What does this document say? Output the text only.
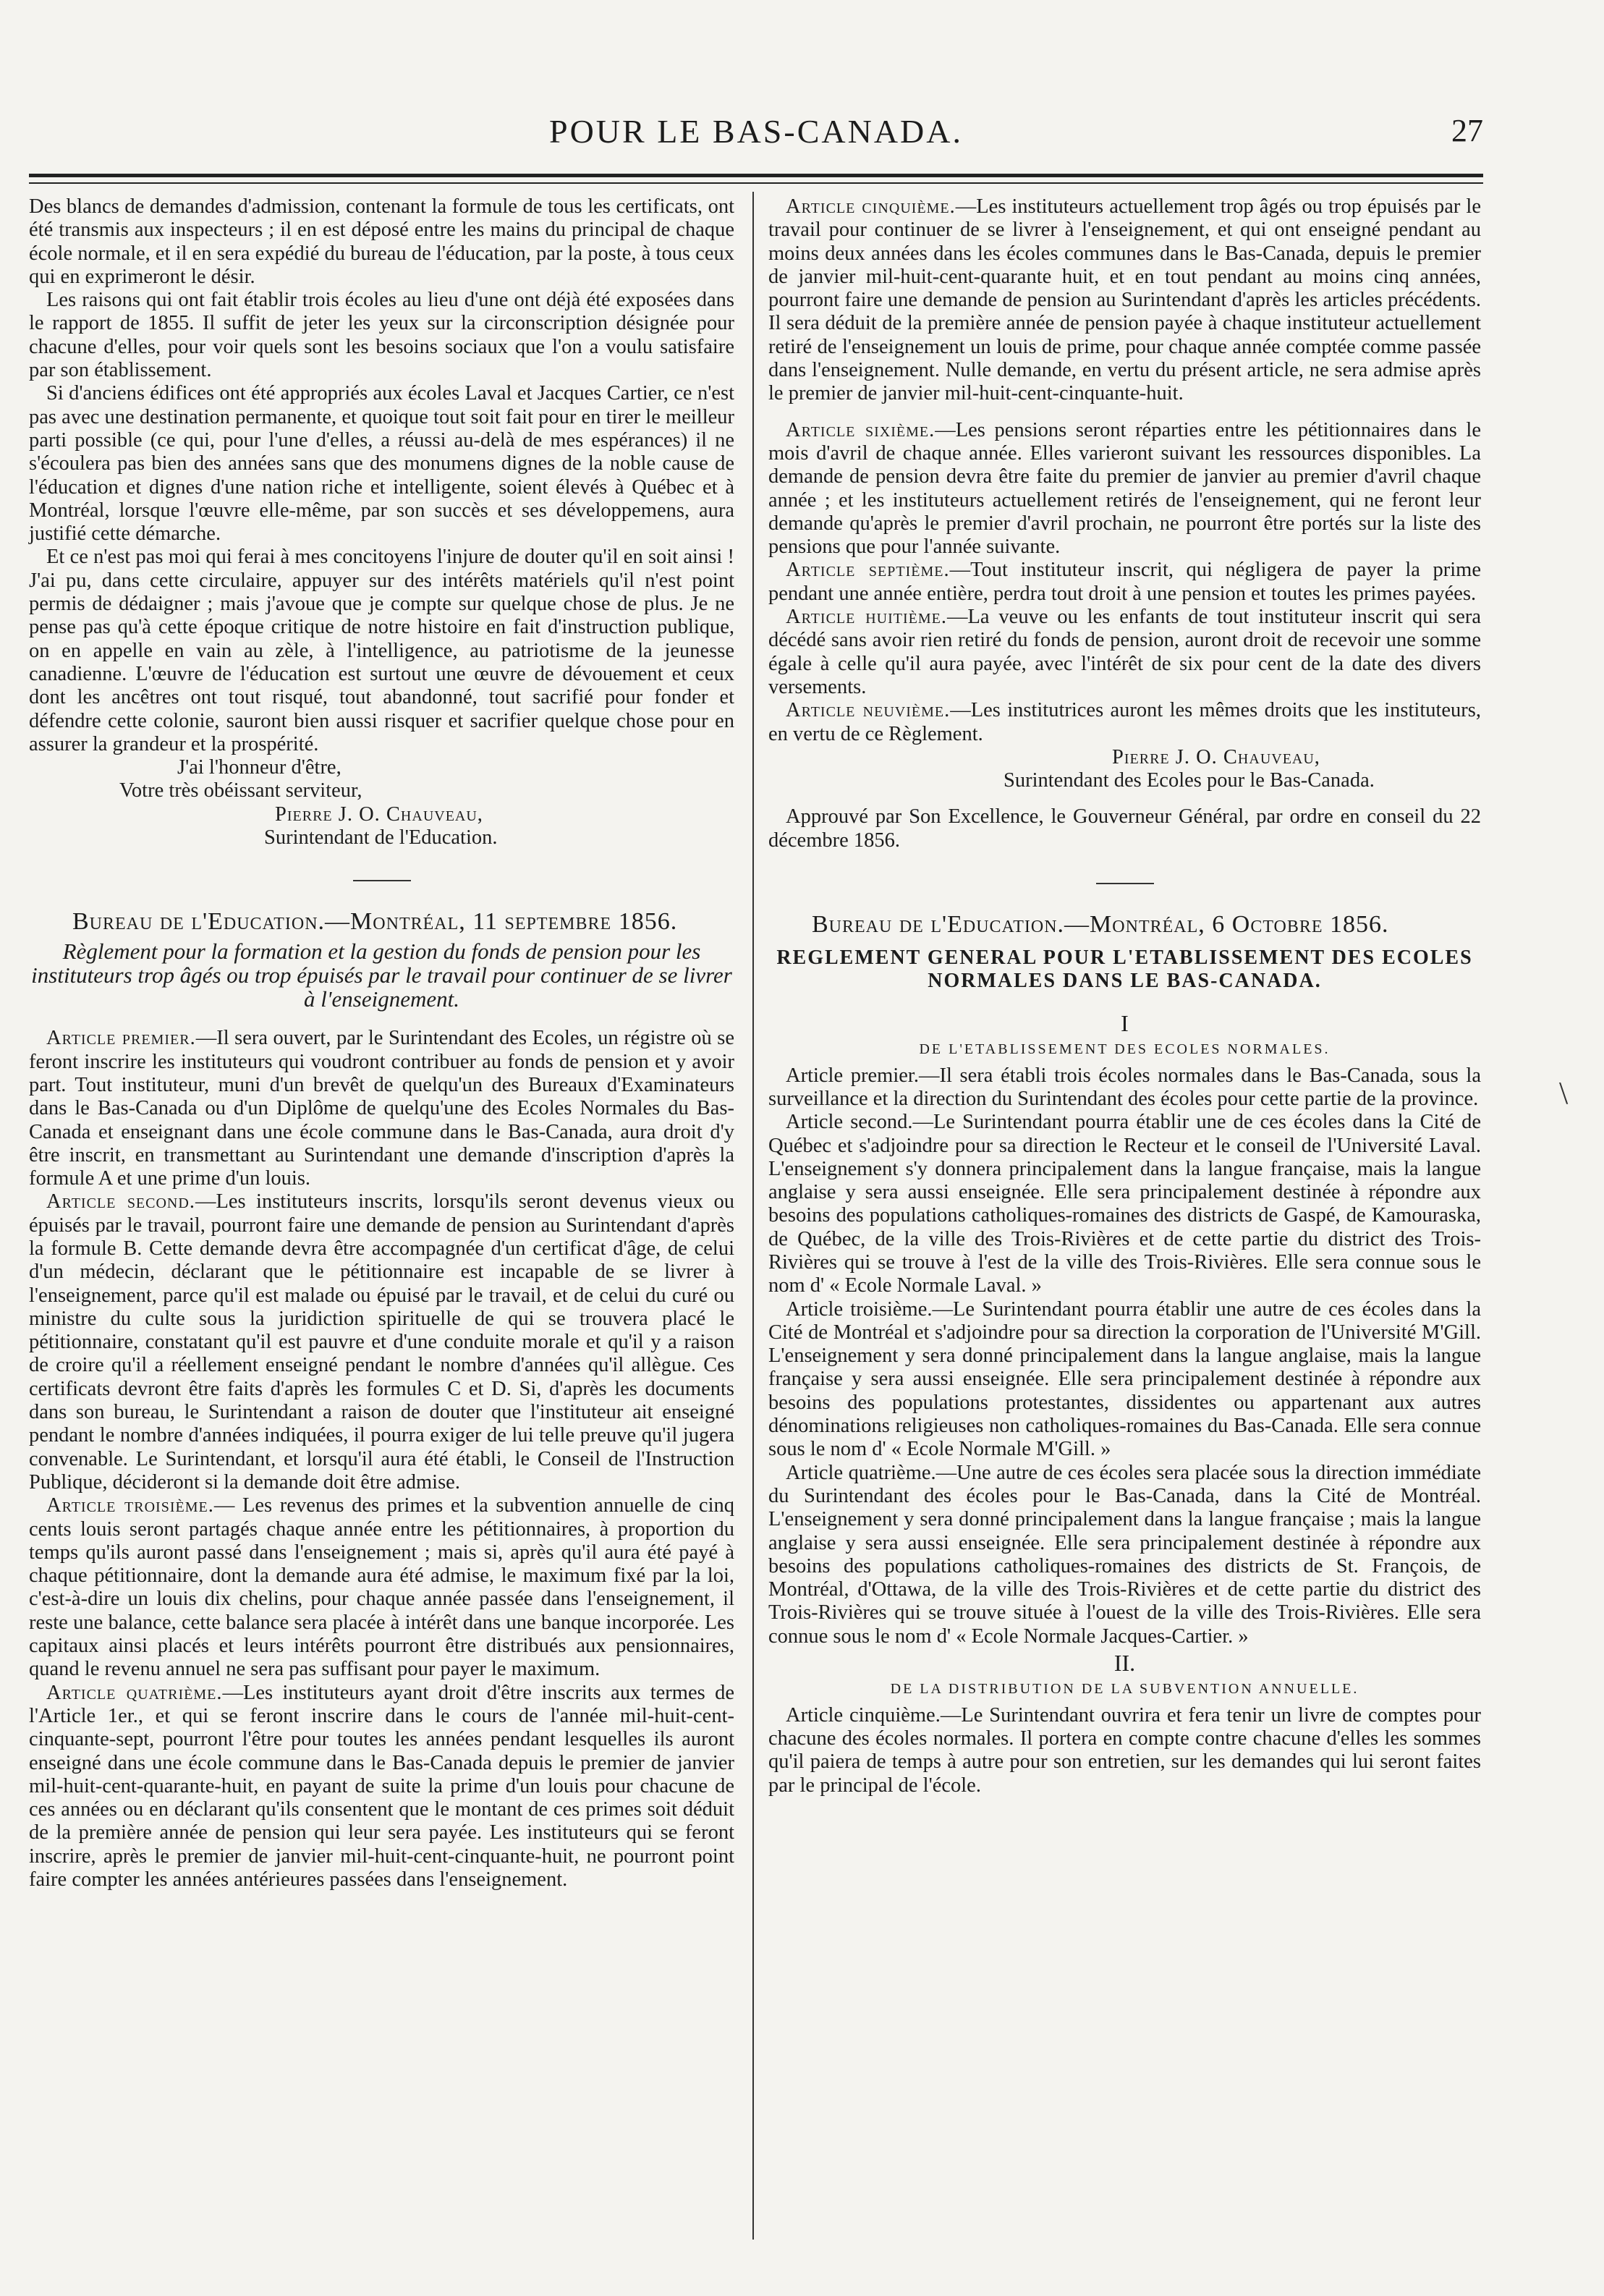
POUR LE BAS-CANADA.	27

Des blancs de demandes d'admission, contenant la formule de tous les certificats, ont été transmis aux inspecteurs ; il en est déposé entre les mains du principal de chaque école normale, et il en sera expédié du bureau de l'éducation, par la poste, à tous ceux qui en exprimeront le désir.

Les raisons qui ont fait établir trois écoles au lieu d'une ont déjà été exposées dans le rapport de 1855. Il suffit de jeter les yeux sur la circonscription désignée pour chacune d'elles, pour voir quels sont les besoins sociaux que l'on a voulu satisfaire par son établissement.

Si d'anciens édifices ont été appropriés aux écoles Laval et Jacques Cartier, ce n'est pas avec une destination permanente, et quoique tout soit fait pour en tirer le meilleur parti possible (ce qui, pour l'une d'elles, a réussi au-delà de mes espérances) il ne s'écoulera pas bien des années sans que des monumens dignes de la noble cause de l'éducation et dignes d'une nation riche et intelligente, soient élevés à Québec et à Montréal, lorsque l'œuvre elle-même, par son succès et ses développemens, aura justifié cette démarche.

Et ce n'est pas moi qui ferai à mes concitoyens l'injure de douter qu'il en soit ainsi ! J'ai pu, dans cette circulaire, appuyer sur des intérêts matériels qu'il n'est point permis de dédaigner ; mais j'avoue que je compte sur quelque chose de plus. Je ne pense pas qu'à cette époque critique de notre histoire en fait d'instruction publique, on en appelle en vain au zèle, à l'intelligence, au patriotisme de la jeunesse canadienne. L'œuvre de l'éducation est surtout une œuvre de dévouement et ceux dont les ancêtres ont tout risqué, tout abandonné, tout sacrifié pour fonder et défendre cette colonie, sauront bien aussi risquer et sacrifier quelque chose pour en assurer la grandeur et la prospérité.

J'ai l'honneur d'être,
Votre très obéissant serviteur,
Pierre J. O. Chauveau,
Surintendant de l'Education.

Bureau de l'Education.—Montréal, 11 septembre 1856.

Règlement pour la formation et la gestion du fonds de pension pour les instituteurs trop âgés ou trop épuisés par le travail pour continuer de se livrer à l'enseignement.

Article premier.—Il sera ouvert, par le Surintendant des Ecoles, un régistre où se feront inscrire les instituteurs qui voudront contribuer au fonds de pension et y avoir part. Tout instituteur, muni d'un brevêt de quelqu'un des Bureaux d'Examinateurs dans le Bas-Canada ou d'un Diplôme de quelqu'une des Ecoles Normales du Bas-Canada et enseignant dans une école commune dans le Bas-Canada, aura droit d'y être inscrit, en transmettant au Surintendant une demande d'inscription d'après la formule A et une prime d'un louis.

Article second.—Les instituteurs inscrits, lorsqu'ils seront devenus vieux ou épuisés par le travail, pourront faire une demande de pension au Surintendant d'après la formule B. Cette demande devra être accompagnée d'un certificat d'âge, de celui d'un médecin, déclarant que le pétitionnaire est incapable de se livrer à l'enseignement, parce qu'il est malade ou épuisé par le travail, et de celui du curé ou ministre du culte sous la juridiction spirituelle de qui se trouvera placé le pétitionnaire, constatant qu'il est pauvre et d'une conduite morale et qu'il y a raison de croire qu'il a réellement enseigné pendant le nombre d'années qu'il allègue. Ces certificats devront être faits d'après les formules C et D. Si, d'après les documents dans son bureau, le Surintendant a raison de douter que l'instituteur ait enseigné pendant le nombre d'années indiquées, il pourra exiger de lui telle preuve qu'il jugera convenable. Le Surintendant, et lorsqu'il aura été établi, le Conseil de l'Instruction Publique, décideront si la demande doit être admise.

Article troisième.— Les revenus des primes et la subvention annuelle de cinq cents louis seront partagés chaque année entre les pétitionnaires, à proportion du temps qu'ils auront passé dans l'enseignement ; mais si, après qu'il aura été payé à chaque pétitionnaire, dont la demande aura été admise, le maximum fixé par la loi, c'est-à-dire un louis dix chelins, pour chaque année passée dans l'enseignement, il reste une balance, cette balance sera placée à intérêt dans une banque incorporée. Les capitaux ainsi placés et leurs intérêts pourront être distribués aux pensionnaires, quand le revenu annuel ne sera pas suffisant pour payer le maximum.

Article quatrième.—Les instituteurs ayant droit d'être inscrits aux termes de l'Article 1er., et qui se feront inscrire dans le cours de l'année mil-huit-cent-cinquante-sept, pourront l'être pour toutes les années pendant lesquelles ils auront enseigné dans une école commune dans le Bas-Canada depuis le premier de janvier mil-huit-cent-quarante-huit, en payant de suite la prime d'un louis pour chacune de ces années ou en déclarant qu'ils consentent que le montant de ces primes soit déduit de la première année de pension qui leur sera payée. Les instituteurs qui se feront inscrire, après le premier de janvier mil-huit-cent-cinquante-huit, ne pourront point faire compter les années antérieures passées dans l'enseignement.

Article cinquième.—Les instituteurs actuellement trop âgés ou trop épuisés par le travail pour continuer de se livrer à l'enseignement, et qui ont enseigné pendant au moins deux années dans les écoles communes dans le Bas-Canada, depuis le premier de janvier mil-huit-cent-quarante huit, et en tout pendant au moins cinq années, pourront faire une demande de pension au Surintendant d'après les articles précédents. Il sera déduit de la première année de pension payée à chaque instituteur actuellement retiré de l'enseignement un louis de prime, pour chaque année comptée comme passée dans l'enseignement. Nulle demande, en vertu du présent article, ne sera admise après le premier de janvier mil-huit-cent-cinquante-huit.

Article sixième.—Les pensions seront réparties entre les pétitionnaires dans le mois d'avril de chaque année. Elles varieront suivant les ressources disponibles. La demande de pension devra être faite du premier de janvier au premier d'avril chaque année ; et les instituteurs actuellement retirés de l'enseignement, qui ne feront leur demande qu'après le premier d'avril prochain, ne pourront être portés sur la liste des pensions que pour l'année suivante.

Article septième.—Tout instituteur inscrit, qui négligera de payer la prime pendant une année entière, perdra tout droit à une pension et toutes les primes payées.

Article huitième.—La veuve ou les enfants de tout instituteur inscrit qui sera décédé sans avoir rien retiré du fonds de pension, auront droit de recevoir une somme égale à celle qu'il aura payée, avec l'intérêt de six pour cent de la date des divers versements.

Article neuvième.—Les institutrices auront les mêmes droits que les instituteurs, en vertu de ce Règlement.

Pierre J. O. Chauveau,
Surintendant des Ecoles pour le Bas-Canada.

Approuvé par Son Excellence, le Gouverneur Général, par ordre en conseil du 22 décembre 1856.

Bureau de l'Education.—Montréal, 6 Octobre 1856.

REGLEMENT GENERAL POUR L'ETABLISSEMENT DES ECOLES NORMALES DANS LE BAS-CANADA.

I

DE L'ETABLISSEMENT DES ECOLES NORMALES.

Article premier.—Il sera établi trois écoles normales dans le Bas-Canada, sous la surveillance et la direction du Surintendant des écoles pour cette partie de la province.

Article second.—Le Surintendant pourra établir une de ces écoles dans la Cité de Québec et s'adjoindre pour sa direction le Recteur et le conseil de l'Université Laval. L'enseignement s'y donnera principalement dans la langue française, mais la langue anglaise y sera aussi enseignée. Elle sera principalement destinée à répondre aux besoins des populations catholiques-romaines des districts de Gaspé, de Kamouraska, de Québec, de la ville des Trois-Rivières et de cette partie du district des Trois-Rivières qui se trouve à l'est de la ville des Trois-Rivières. Elle sera connue sous le nom d' « Ecole Normale Laval. »

Article troisième.—Le Surintendant pourra établir une autre de ces écoles dans la Cité de Montréal et s'adjoindre pour sa direction la corporation de l'Université M'Gill. L'enseignement y sera donné principalement dans la langue anglaise, mais la langue française y sera aussi enseignée. Elle sera principalement destinée à répondre aux besoins des populations protestantes, dissidentes ou appartenant aux autres dénominations religieuses non catholiques-romaines du Bas-Canada. Elle sera connue sous le nom d' « Ecole Normale M'Gill. »

Article quatrième.—Une autre de ces écoles sera placée sous la direction immédiate du Surintendant des écoles pour le Bas-Canada, dans la Cité de Montréal. L'enseignement y sera donné principalement dans la langue française ; mais la langue anglaise y sera aussi enseignée. Elle sera principalement destinée à répondre aux besoins des populations catholiques-romaines des districts de St. François, de Montréal, d'Ottawa, de la ville des Trois-Rivières et de cette partie du district des Trois-Rivières qui se trouve située à l'ouest de la ville des Trois-Rivières. Elle sera connue sous le nom d' « Ecole Normale Jacques-Cartier. »

II.

DE LA DISTRIBUTION DE LA SUBVENTION ANNUELLE.

Article cinquième.—Le Surintendant ouvrira et fera tenir un livre de comptes pour chacune des écoles normales. Il portera en compte contre chacune d'elles les sommes qu'il paiera de temps à autre pour son entretien, sur les demandes qui lui seront faites par le principal de l'école.

\
